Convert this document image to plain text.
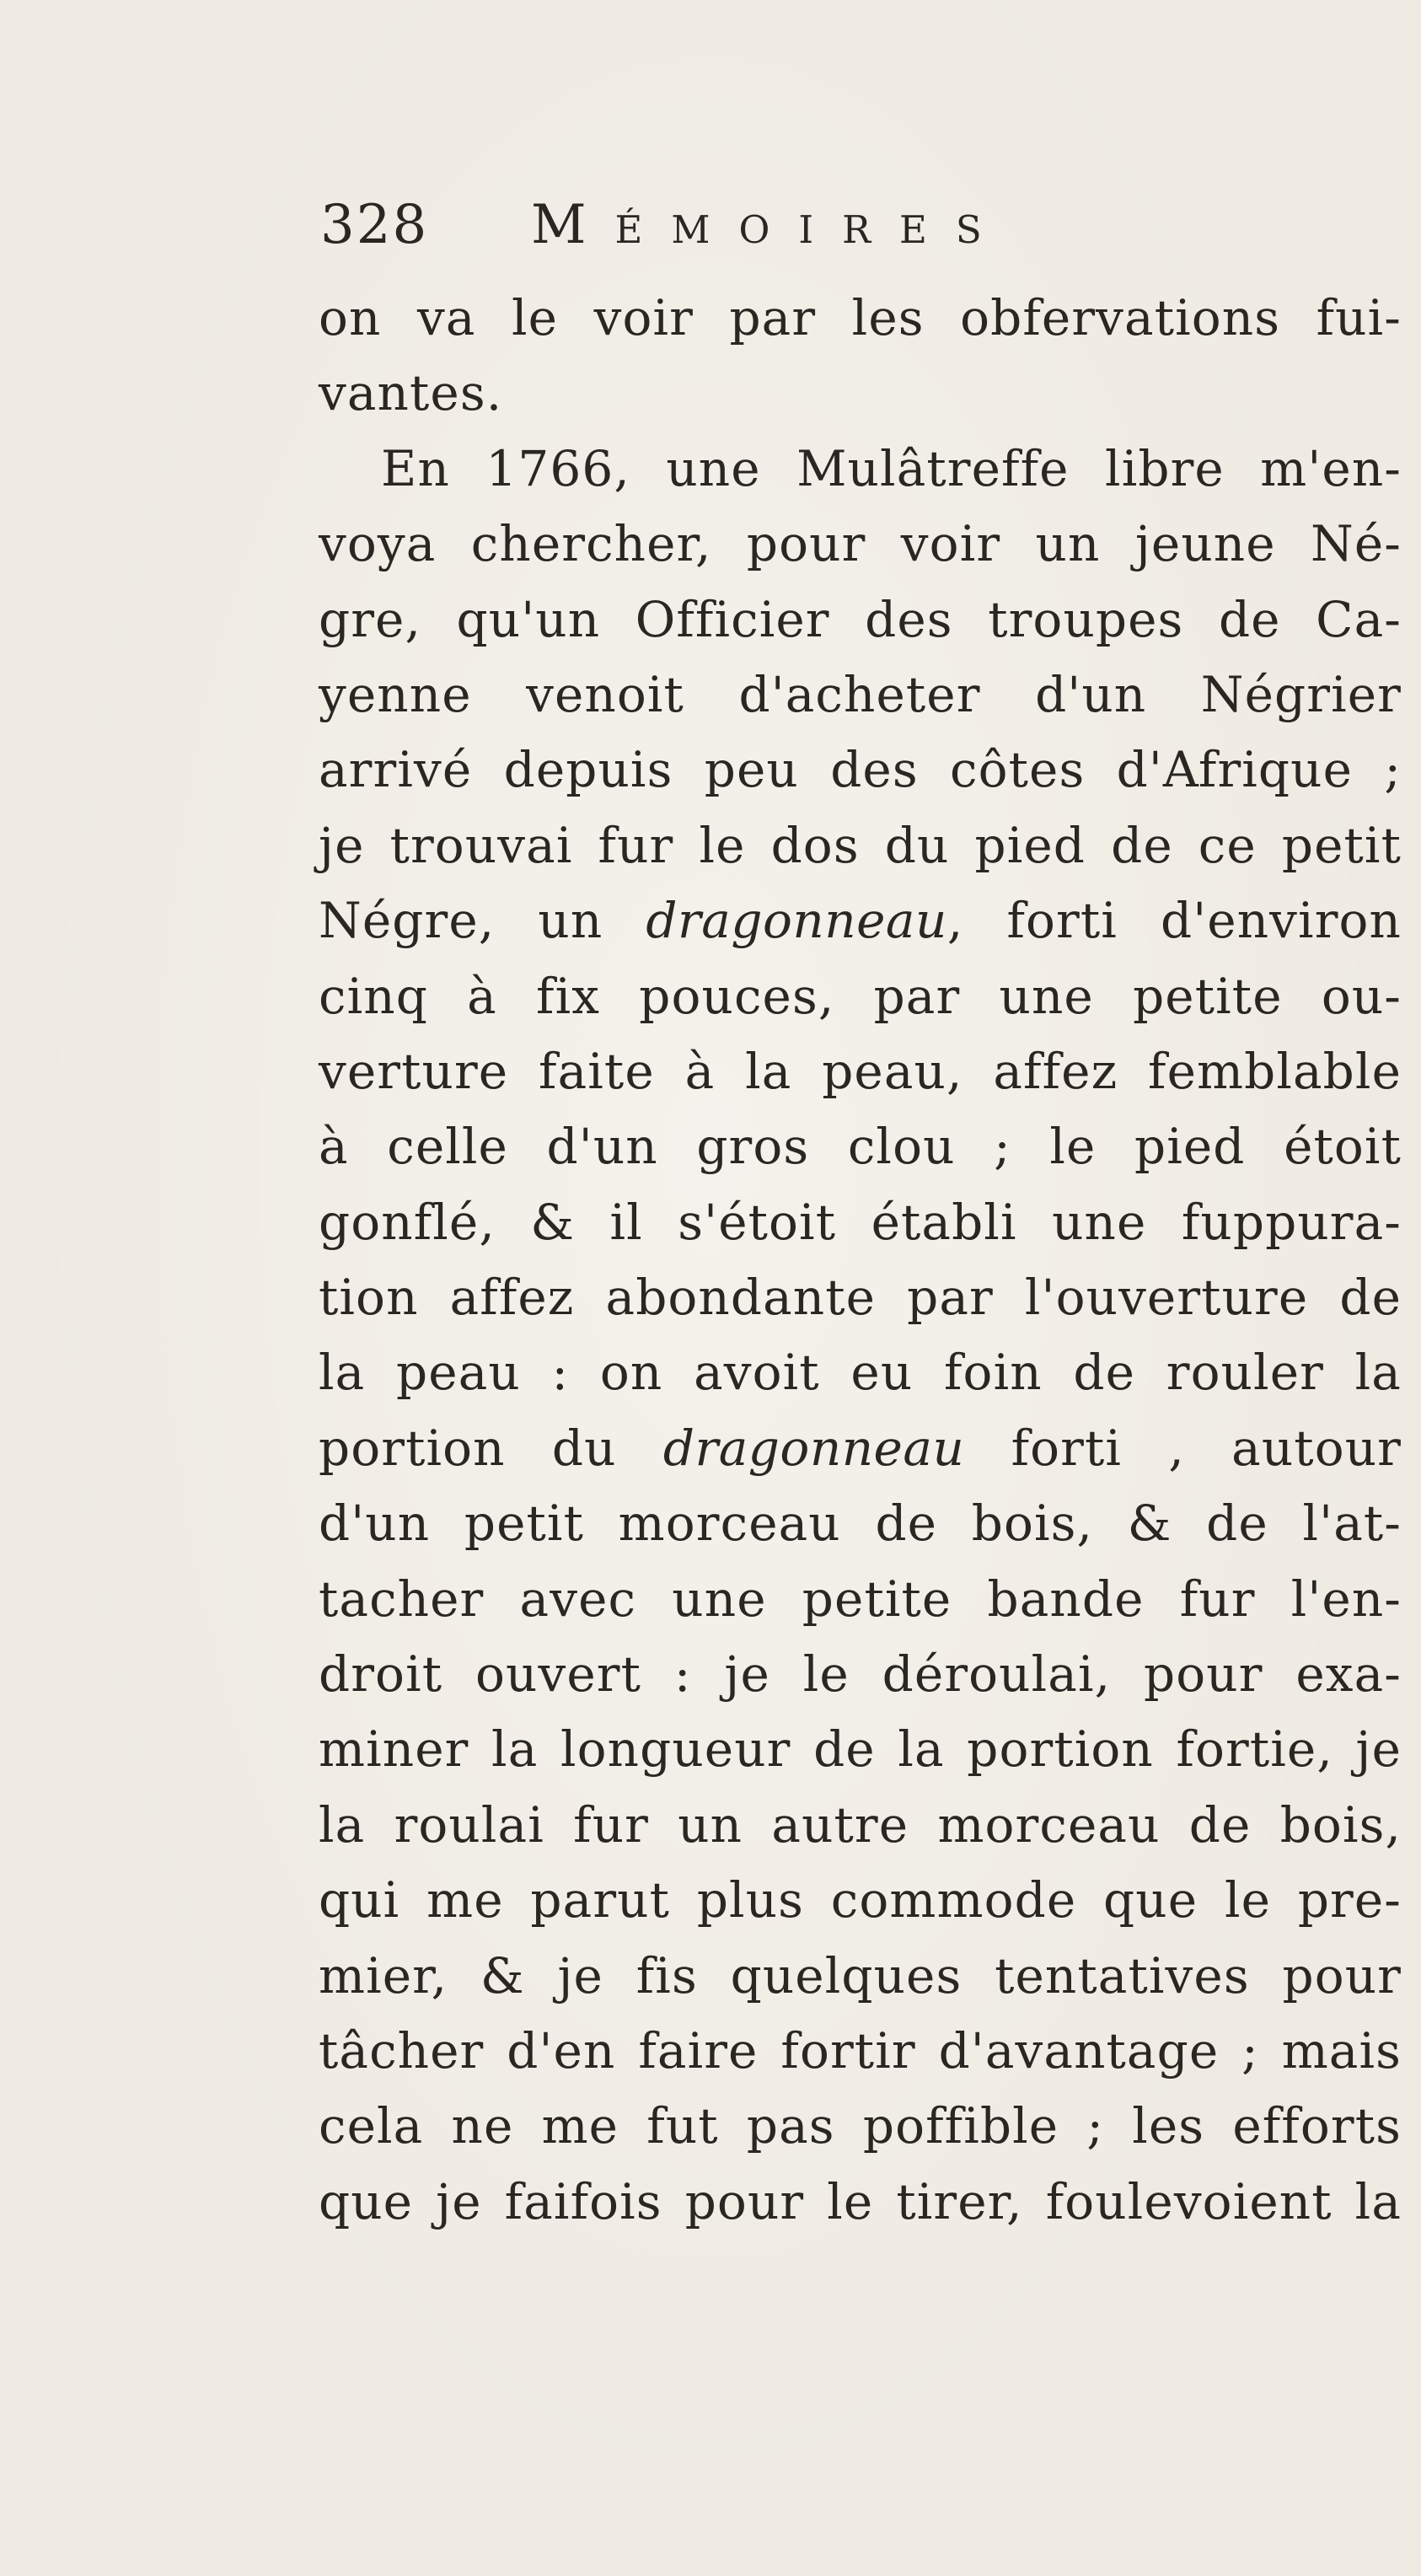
328 Mémoires
on va le voir par les obfervations fui-
vantes.
En 1766, une Mulâtreffe libre m'en-
voya chercher, pour voir un jeune Né-
gre, qu'un Officier des troupes de Ca-
yenne venoit d'acheter d'un Négrier
arrivé depuis peu des côtes d'Afrique ;
je trouvai fur le dos du pied de ce petit
Négre, un dragonneau, forti d'environ
cinq à fix pouces, par une petite ou-
verture faite à la peau, affez femblable
à celle d'un gros clou ; le pied étoit
gonflé, & il s'étoit établi une fuppura-
tion affez abondante par l'ouverture de
la peau : on avoit eu foin de rouler la
portion du dragonneau forti , autour
d'un petit morceau de bois, & de l'at-
tacher avec une petite bande fur l'en-
droit ouvert : je le déroulai, pour exa-
miner la longueur de la portion fortie, je
la roulai fur un autre morceau de bois,
qui me parut plus commode que le pre-
mier, & je fis quelques tentatives pour
tâcher d'en faire fortir d'avantage ; mais
cela ne me fut pas poffible ; les efforts
que je faifois pour le tirer, foulevoient la
